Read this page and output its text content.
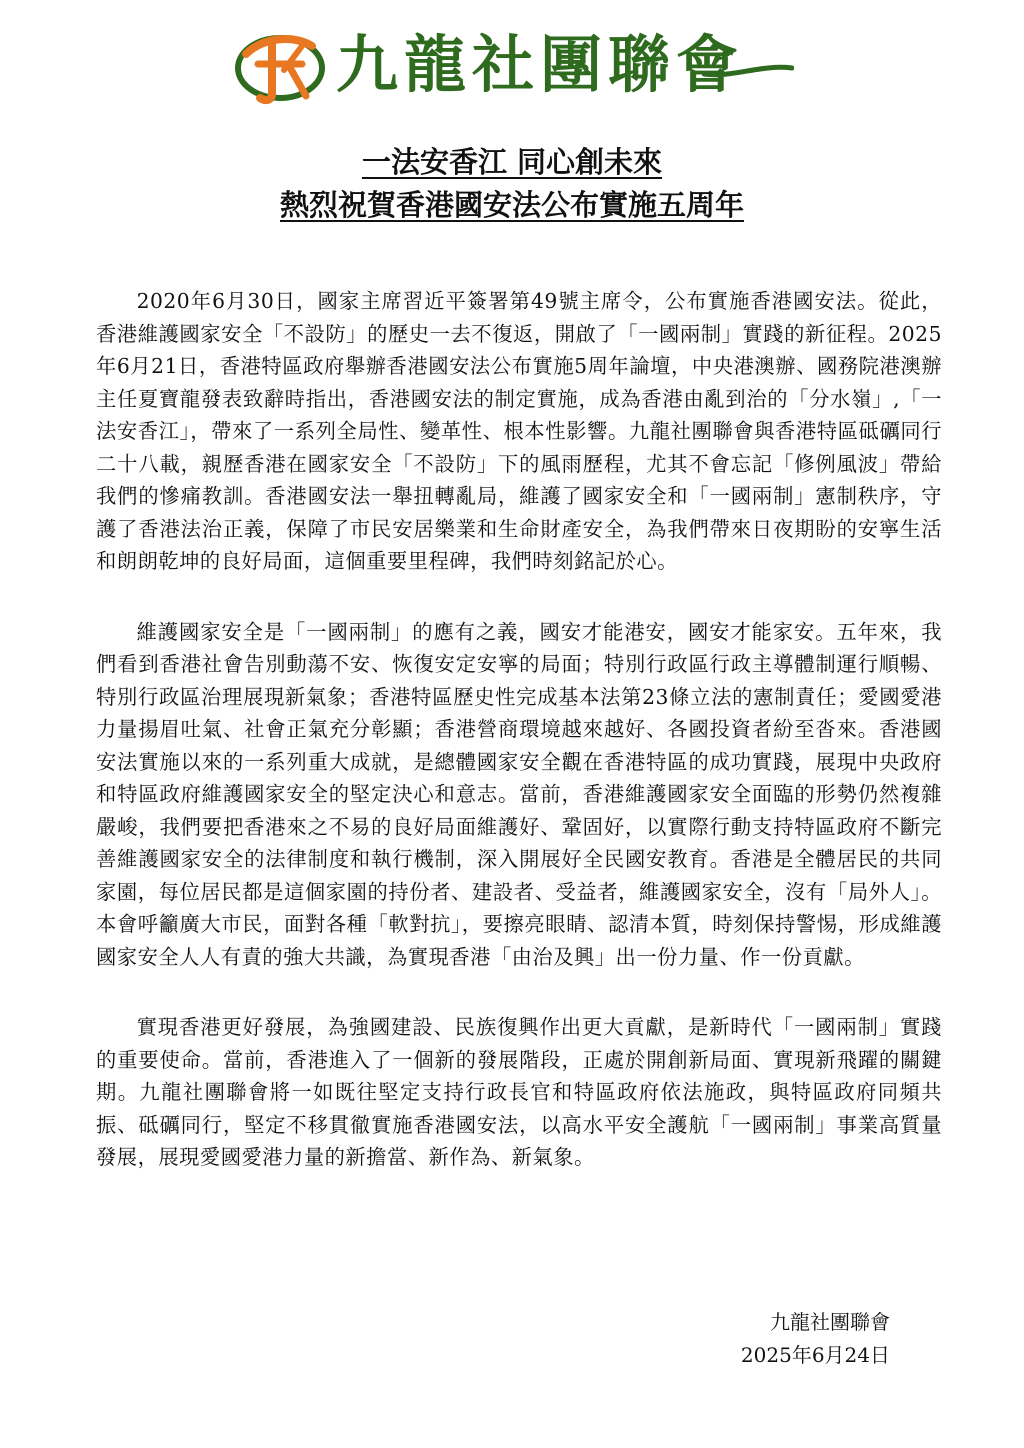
九龍社團聯會
一法安香江 同心創未來
熱烈祝賀香港國安法公布實施五周年

2020年6月30日，國家主席習近平簽署第49號主席令，公布實施香港國安法。從此，香港維護國家安全「不設防」的歷史一去不復返，開啟了「一國兩制」實踐的新征程。2025年6月21日，香港特區政府舉辦香港國安法公布實施5周年論壇，中央港澳辦、國務院港澳辦主任夏寶龍發表致辭時指出，香港國安法的制定實施，成為香港由亂到治的「分水嶺」,「一法安香江」，帶來了一系列全局性、變革性、根本性影響。九龍社團聯會與香港特區砥礪同行二十八載，親歷香港在國家安全「不設防」下的風雨歷程，尤其不會忘記「修例風波」帶給我們的慘痛教訓。香港國安法一舉扭轉亂局，維護了國家安全和「一國兩制」憲制秩序，守護了香港法治正義，保障了市民安居樂業和生命財產安全，為我們帶來日夜期盼的安寧生活和朗朗乾坤的良好局面，這個重要里程碑，我們時刻銘記於心。

維護國家安全是「一國兩制」的應有之義，國安才能港安，國安才能家安。五年來，我們看到香港社會告別動蕩不安、恢復安定安寧的局面；特別行政區行政主導體制運行順暢、特別行政區治理展現新氣象；香港特區歷史性完成基本法第23條立法的憲制責任；愛國愛港力量揚眉吐氣、社會正氣充分彰顯；香港營商環境越來越好、各國投資者紛至沓來。香港國安法實施以來的一系列重大成就，是總體國家安全觀在香港特區的成功實踐，展現中央政府和特區政府維護國家安全的堅定決心和意志。當前，香港維護國家安全面臨的形勢仍然複雜嚴峻，我們要把香港來之不易的良好局面維護好、鞏固好，以實際行動支持特區政府不斷完善維護國家安全的法律制度和執行機制，深入開展好全民國安教育。香港是全體居民的共同家園，每位居民都是這個家園的持份者、建設者、受益者，維護國家安全，沒有「局外人」。本會呼籲廣大市民，面對各種「軟對抗」，要擦亮眼睛、認清本質，時刻保持警惕，形成維護國家安全人人有責的強大共識，為實現香港「由治及興」出一份力量、作一份貢獻。

實現香港更好發展，為強國建設、民族復興作出更大貢獻，是新時代「一國兩制」實踐的重要使命。當前，香港進入了一個新的發展階段，正處於開創新局面、實現新飛躍的關鍵期。九龍社團聯會將一如既往堅定支持行政長官和特區政府依法施政，與特區政府同頻共振、砥礪同行，堅定不移貫徹實施香港國安法，以高水平安全護航「一國兩制」事業高質量發展，展現愛國愛港力量的新擔當、新作為、新氣象。

九龍社團聯會
2025年6月24日
